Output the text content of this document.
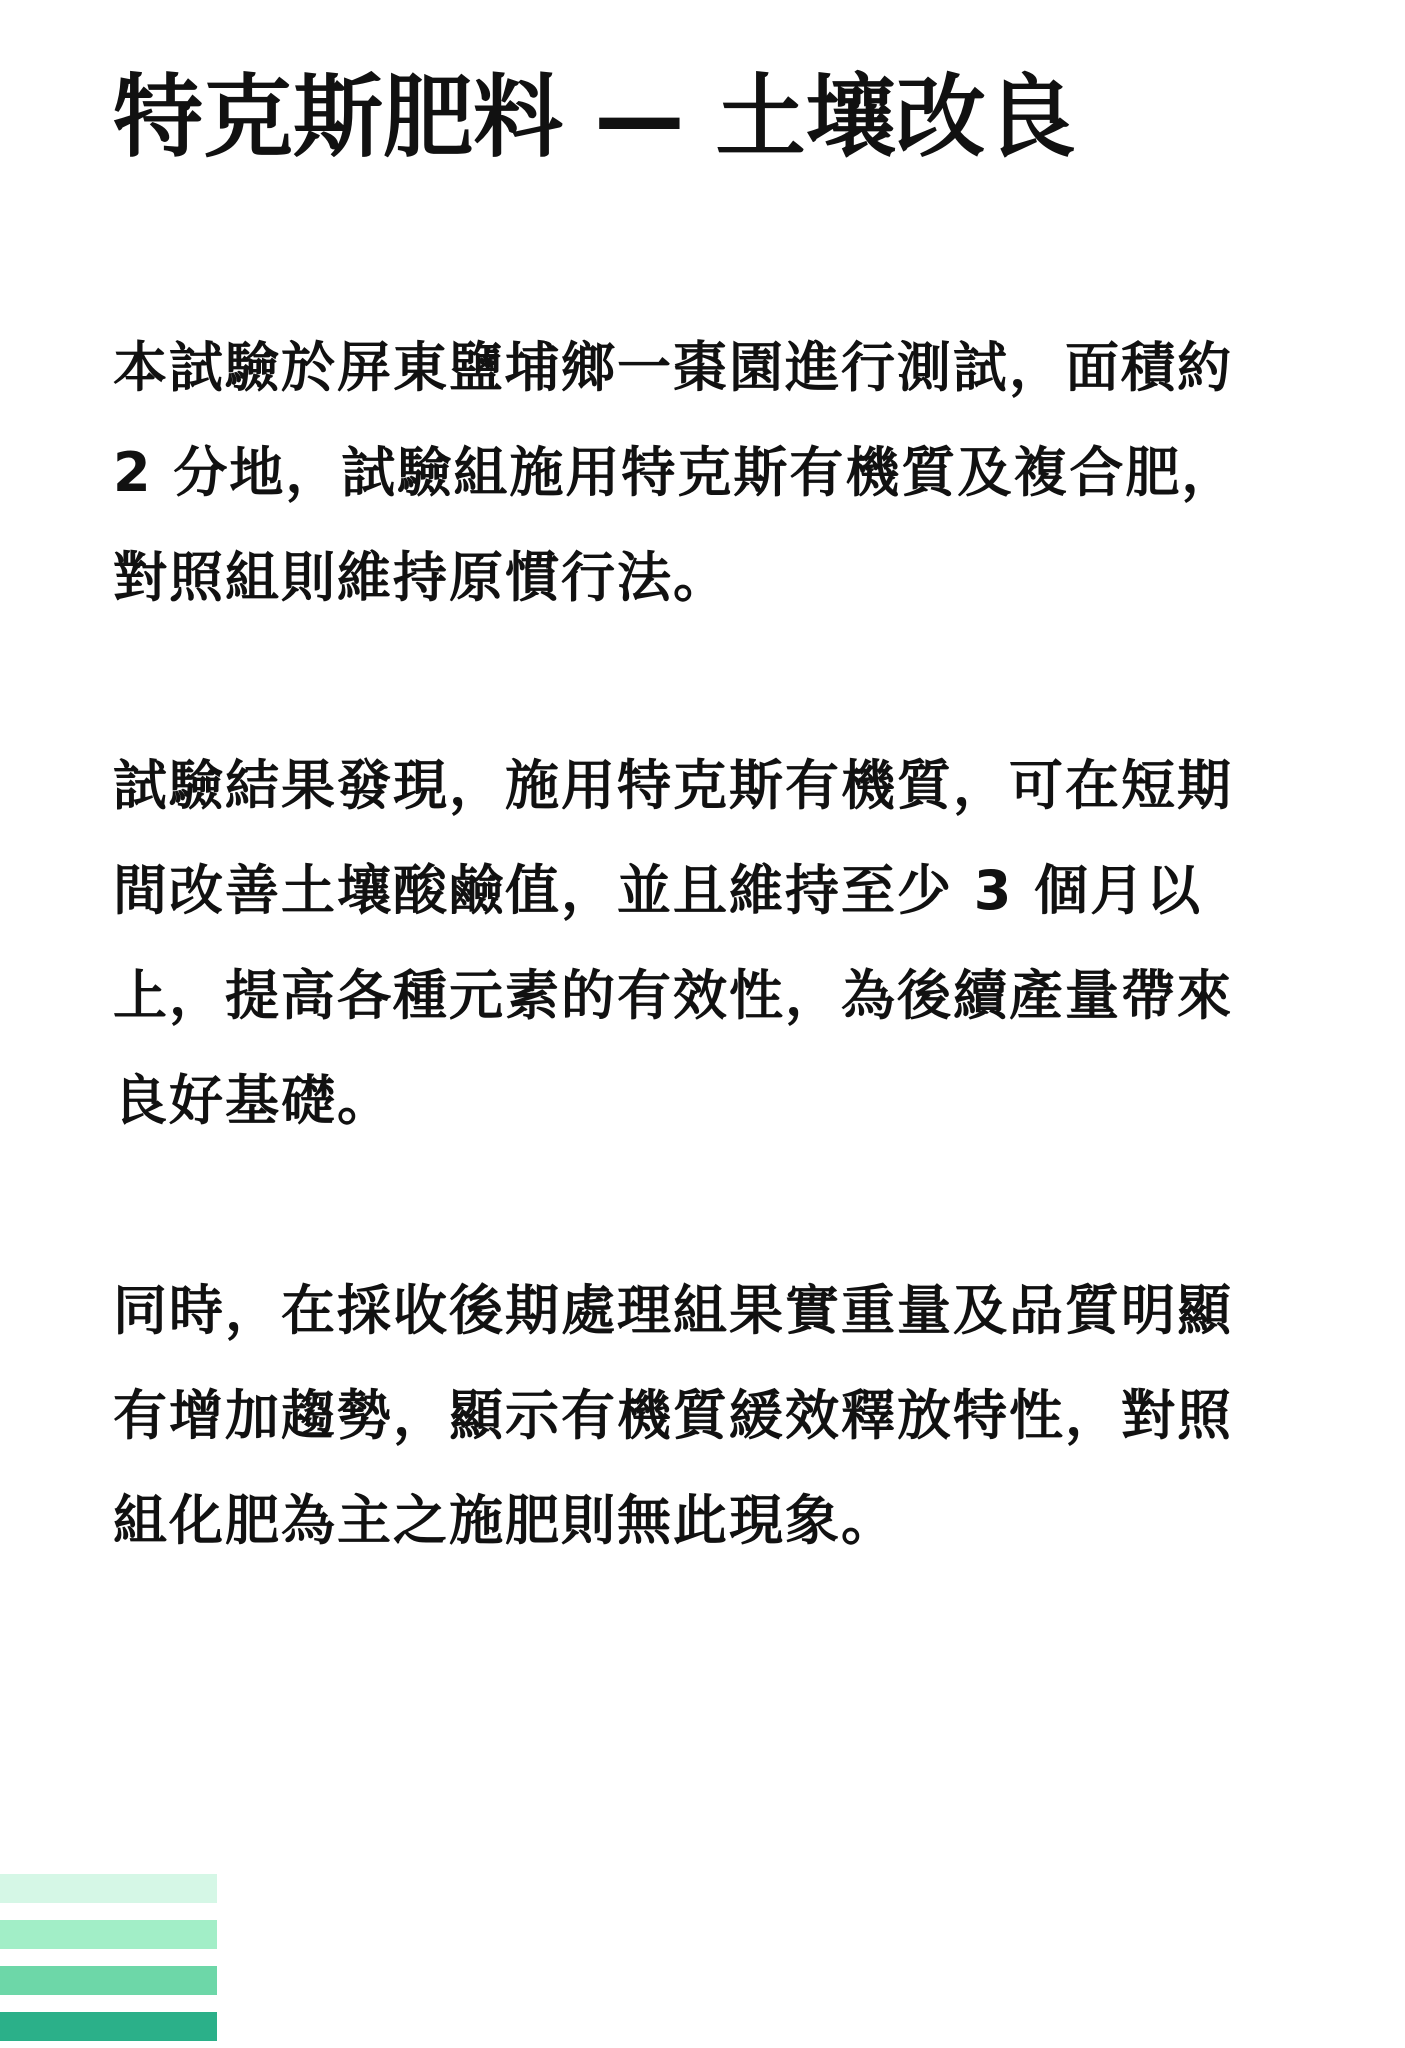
特克斯肥料 — 土壤改良

本試驗於屏東鹽埔鄉一棗園進行測試，面積約 2 分地，試驗組施用特克斯有機質及複合肥，對照組則維持原慣行法。

試驗結果發現，施用特克斯有機質，可在短期間改善土壤酸鹼值，並且維持至少 3 個月以上，提高各種元素的有效性，為後續產量帶來良好基礎。

同時，在採收後期處理組果實重量及品質明顯有增加趨勢，顯示有機質緩效釋放特性，對照組化肥為主之施肥則無此現象。
